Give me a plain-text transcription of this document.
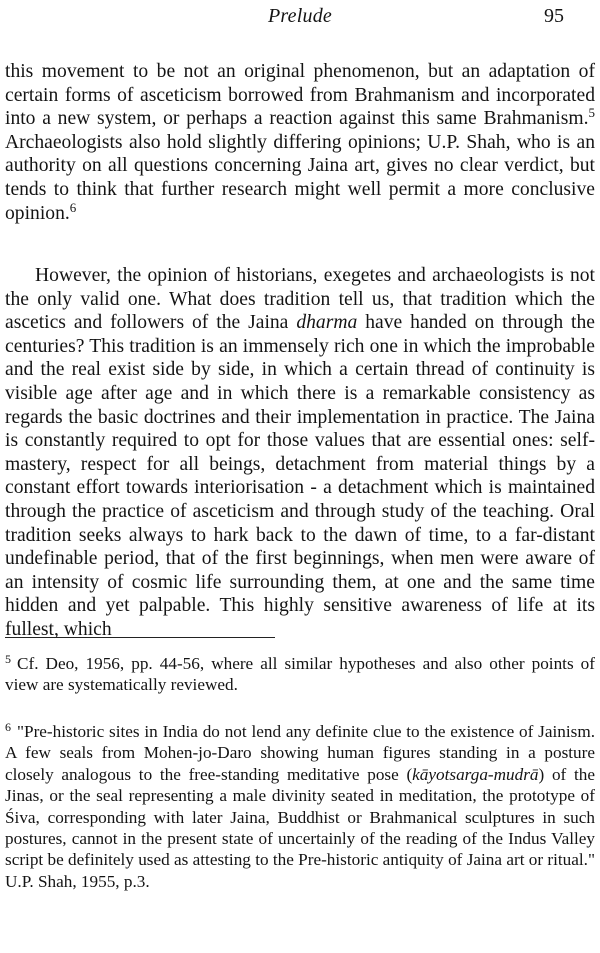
Prelude	95

this movement to be not an original phenomenon, but an adaptation of certain forms of asceticism borrowed from Brahmanism and incorporated into a new system, or perhaps a reaction against this same Brahmanism.$^5$ Archaeologists also hold slightly differing opinions; U.P. Shah, who is an authority on all questions concerning Jaina art, gives no clear verdict, but tends to think that further research might well permit a more conclusive opinion.$^6$

However, the opinion of historians, exegetes and archaeologists is not the only valid one. What does tradition tell us, that tradition which the ascetics and followers of the Jaina dharma have handed on through the centuries? This tradition is an immensely rich one in which the improbable and the real exist side by side, in which a certain thread of continuity is visible age after age and in which there is a remarkable consistency as regards the basic doctrines and their implementation in practice. The Jaina is constantly required to opt for those values that are essential ones: self-mastery, respect for all beings, detachment from material things by a constant effort towards interiorisation - a detachment which is maintained through the practice of asceticism and through study of the teaching. Oral tradition seeks always to hark back to the dawn of time, to a far-distant undefinable period, that of the first beginnings, when men were aware of an intensity of cosmic life surrounding them, at one and the same time hidden and yet palpable. This highly sensitive awareness of life at its fullest, which

$^5$ Cf. Deo, 1956, pp. 44-56, where all similar hypotheses and also other points of view are systematically reviewed.
$^6$ "Pre-historic sites in India do not lend any definite clue to the existence of Jainism. A few seals from Mohen-jo-Daro showing human figures standing in a posture closely analogous to the free-standing meditative pose (kāyotsarga-mudrā) of the Jinas, or the seal representing a male divinity seated in meditation, the prototype of Śiva, corresponding with later Jaina, Buddhist or Brahmanical sculptures in such postures, cannot in the present state of uncertainly of the reading of the Indus Valley script be definitely used as attesting to the Pre-historic antiquity of Jaina art or ritual." U.P. Shah, 1955, p.3.
